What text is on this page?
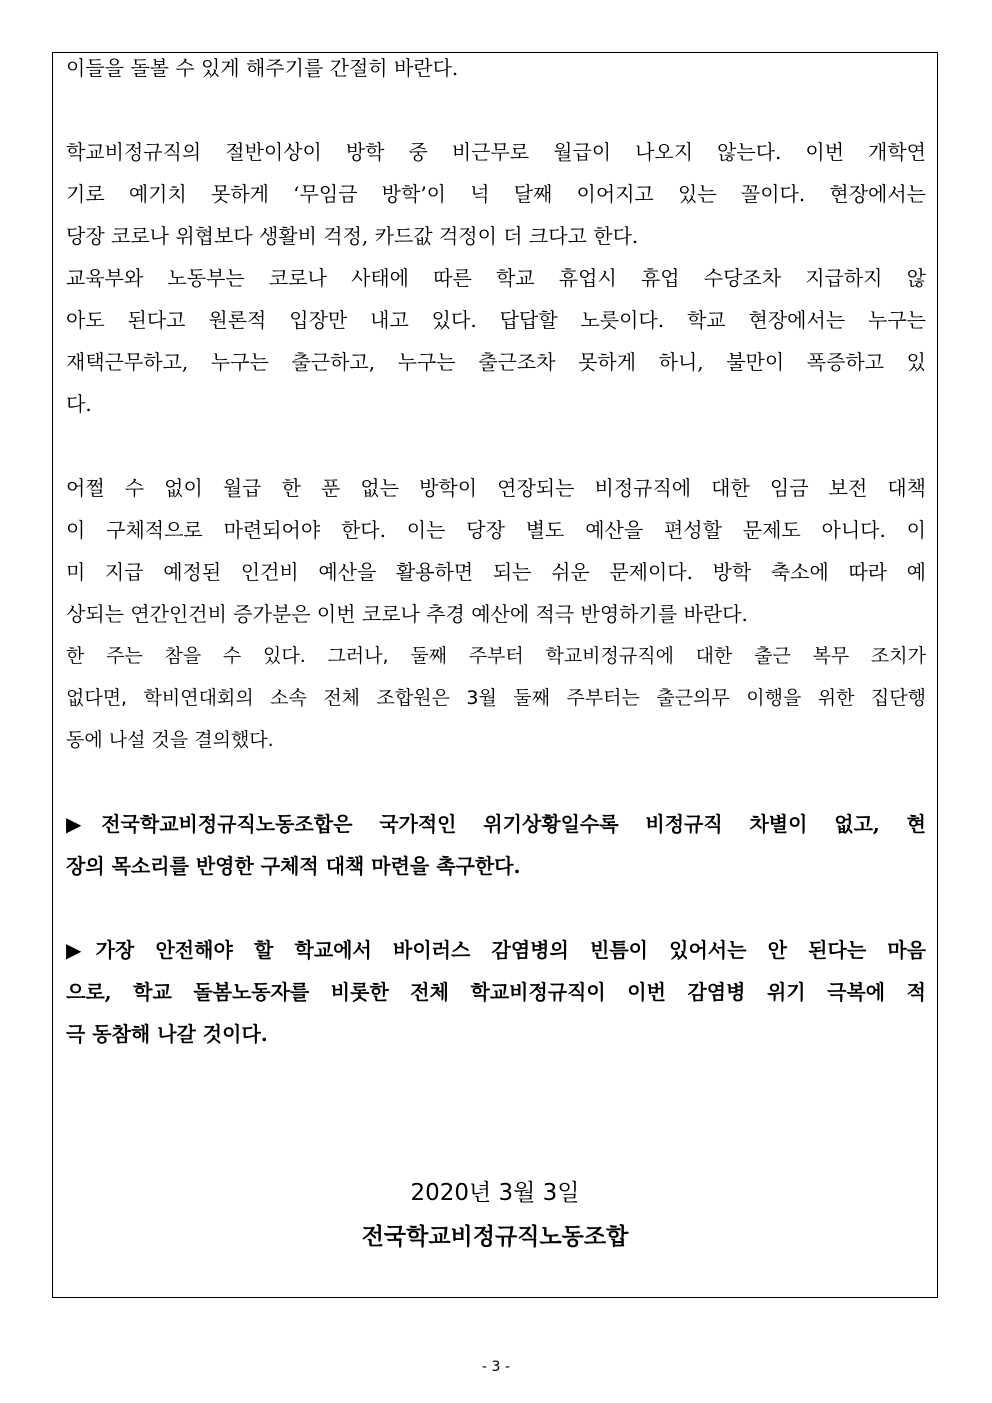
이들을 돌볼 수 있게 해주기를 간절히 바란다.
학교비정규직의 절반이상이 방학 중 비근무로 월급이 나오지 않는다. 이번 개학연
기로 예기치 못하게 ‘무임금 방학’이 넉 달째 이어지고 있는 꼴이다. 현장에서는
당장 코로나 위협보다 생활비 걱정, 카드값 걱정이 더 크다고 한다.
교육부와 노동부는 코로나 사태에 따른 학교 휴업시 휴업 수당조차 지급하지 않
아도 된다고 원론적 입장만 내고 있다. 답답할 노릇이다. 학교 현장에서는 누구는
재택근무하고, 누구는 출근하고, 누구는 출근조차 못하게 하니, 불만이 폭증하고 있
다.
어쩔 수 없이 월급 한 푼 없는 방학이 연장되는 비정규직에 대한 임금 보전 대책
이 구체적으로 마련되어야 한다. 이는 당장 별도 예산을 편성할 문제도 아니다. 이
미 지급 예정된 인건비 예산을 활용하면 되는 쉬운 문제이다. 방학 축소에 따라 예
상되는 연간인건비 증가분은 이번 코로나 추경 예산에 적극 반영하기를 바란다.
한 주는 참을 수 있다. 그러나, 둘째 주부터 학교비정규직에 대한 출근 복무 조치가
없다면, 학비연대회의 소속 전체 조합원은 3월 둘째 주부터는 출근의무 이행을 위한 집단행
동에 나설 것을 결의했다.
▶전국학교비정규직노동조합은 국가적인 위기상황일수록 비정규직 차별이 없고, 현
장의 목소리를 반영한 구체적 대책 마련을 촉구한다.
▶가장 안전해야 할 학교에서 바이러스 감염병의 빈틈이 있어서는 안 된다는 마음
으로, 학교 돌봄노동자를 비롯한 전체 학교비정규직이 이번 감염병 위기 극복에 적
극 동참해 나갈 것이다.
2020년 3월 3일
전국학교비정규직노동조합
- 3 -
